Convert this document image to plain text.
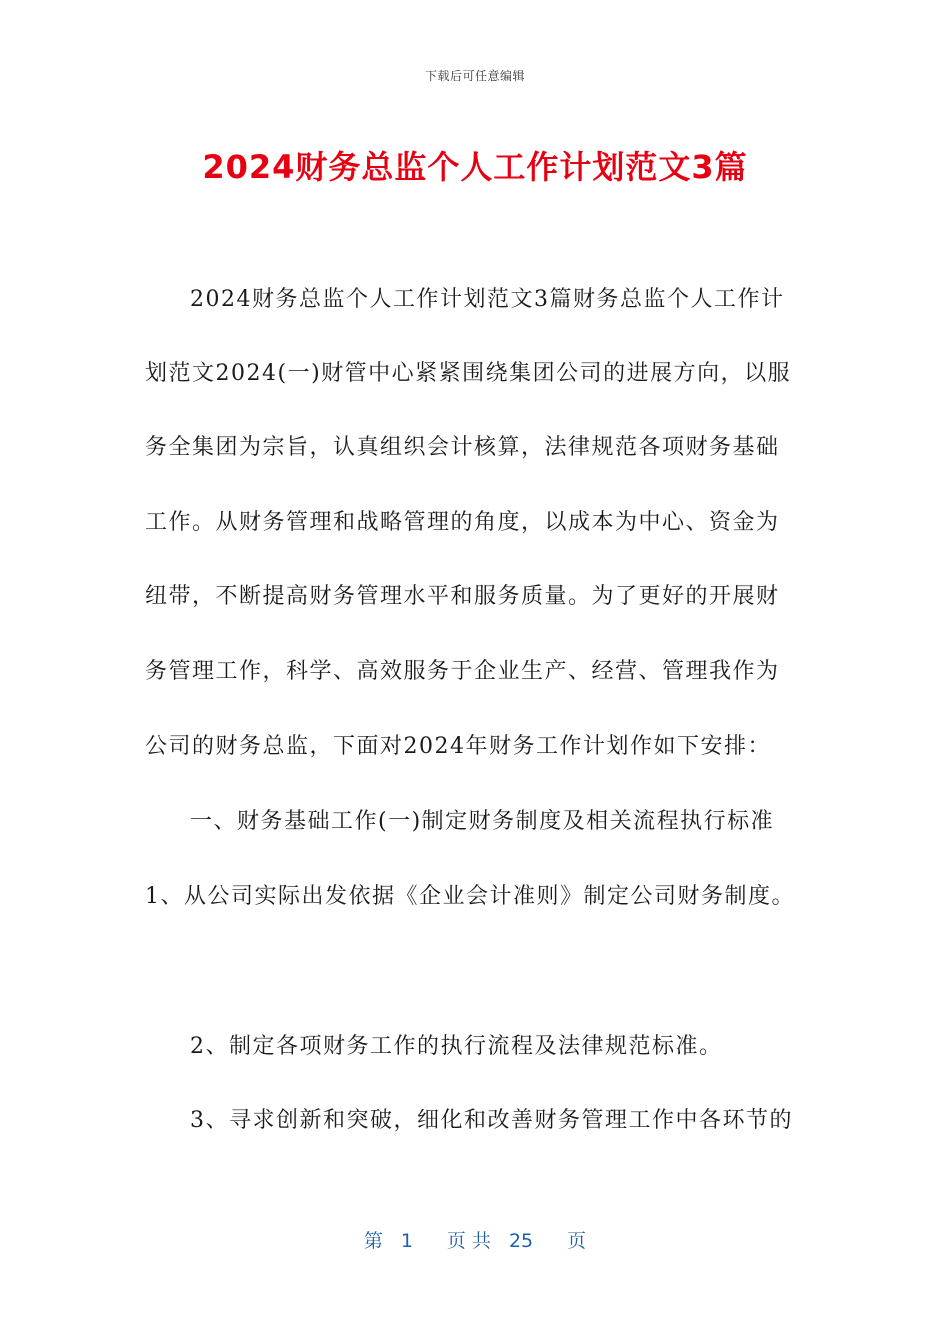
下载后可任意编辑
2024财务总监个人工作计划范文3篇
2024财务总监个人工作计划范文3篇财务总监个人工作计
划范文2024(一)财管中心紧紧围绕集团公司的进展方向，以服
务全集团为宗旨，认真组织会计核算，法律规范各项财务基础
工作。从财务管理和战略管理的角度，以成本为中心、资金为
纽带，不断提高财务管理水平和服务质量。为了更好的开展财
务管理工作，科学、高效服务于企业生产、经营、管理我作为
公司的财务总监，下面对2024年财务工作计划作如下安排：
一、财务基础工作(一)制定财务制度及相关流程执行标准
1、从公司实际出发依据《企业会计准则》制定公司财务制度。
2、制定各项财务工作的执行流程及法律规范标准。
3、寻求创新和突破，细化和改善财务管理工作中各环节的
第 1 页 共 25 页
